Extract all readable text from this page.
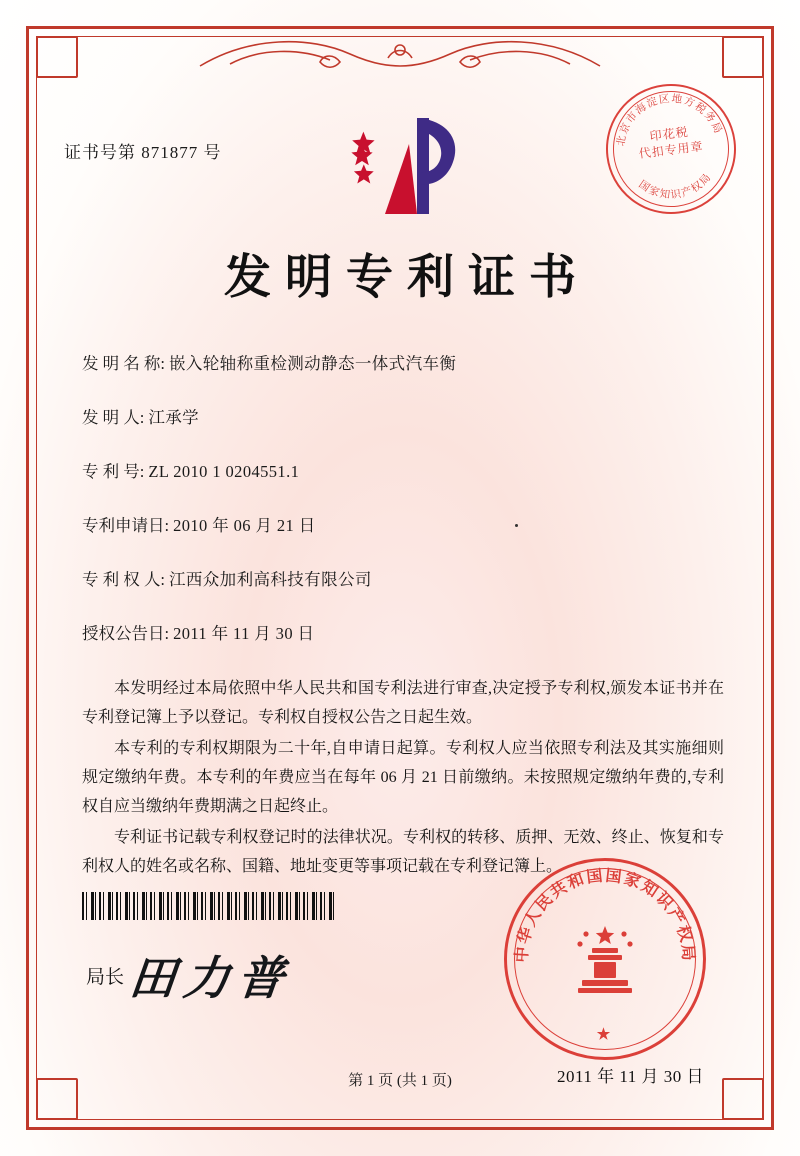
证书号第 871877 号
北京市海淀区地方税务局
国家知识产权局
印花税
代扣专用章
发明专利证书
发 明 名 称: 嵌入轮轴称重检测动静态一体式汽车衡
发 明 人: 江承学
专 利 号: ZL 2010 1 0204551.1
专利申请日: 2010 年 06 月 21 日
专 利 权 人: 江西众加利高科技有限公司
授权公告日: 2011 年 11 月 30 日

本发明经过本局依照中华人民共和国专利法进行审查,决定授予专利权,颁发本证书并在专利登记簿上予以登记。专利权自授权公告之日起生效。

本专利的专利权期限为二十年,自申请日起算。专利权人应当依照专利法及其实施细则规定缴纳年费。本专利的年费应当在每年 06 月 21 日前缴纳。未按照规定缴纳年费的,专利权自应当缴纳年费期满之日起终止。

专利证书记载专利权登记时的法律状况。专利权的转移、质押、无效、终止、恢复和专利权人的姓名或名称、国籍、地址变更等事项记载在专利登记簿上。

局长 田力普	中华人民共和国国家知识产权局
★
2011 年 11 月 30 日
第 1 页 (共 1 页)
